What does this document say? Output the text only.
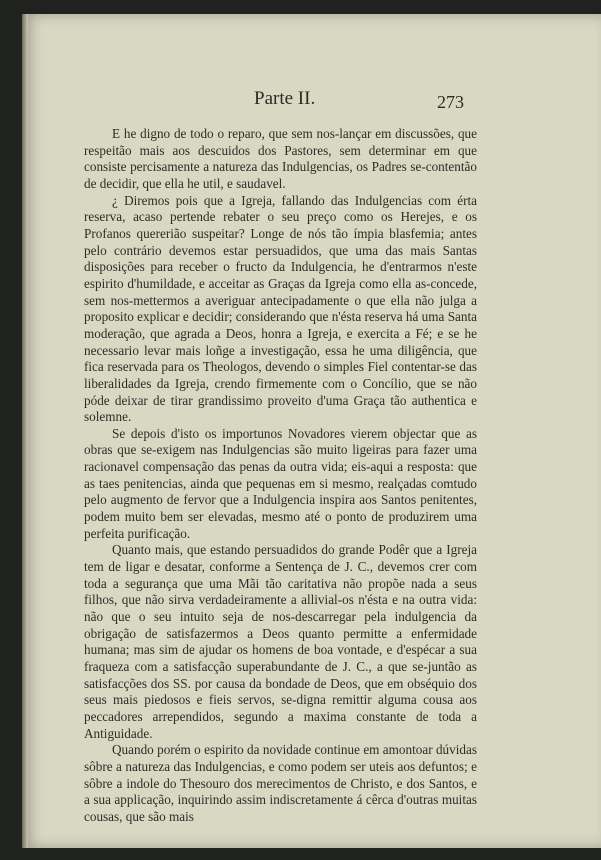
Parte II.	273

E he digno de todo o reparo, que sem nos-lançar em discussões, que respeitão mais aos descuidos dos Pastores, sem determinar em que consiste percisamente a natureza das Indulgencias, os Padres se-contentão de decidir, que ella he util, e saudavel.

¿ Diremos pois que a Igreja, fallando das Indulgencias com érta reserva, acaso pertende rebater o seu preço como os Herejes, e os Profanos quererião suspeitar? Longe de nós tão ímpia blasfemia; antes pelo contrário devemos estar persuadidos, que uma das mais Santas disposições para receber o fructo da Indulgencia, he d'entrarmos n'este espirito d'humildade, e acceitar as Graças da Igreja como ella as-concede, sem nos-mettermos a averiguar antecipadamente o que ella não julga a proposito explicar e decidir; considerando que n'ésta reserva há uma Santa moderação, que agrada a Deos, honra a Igreja, e exercita a Fé; e se he necessario levar mais loñge a investigação, essa he uma diligência, que fica reservada para os Theologos, devendo o simples Fiel contentar-se das liberalidades da Igreja, crendo firmemente com o Concílio, que se não póde deixar de tirar grandissimo proveito d'uma Graça tão authentica e solemne.

Se depois d'isto os importunos Novadores vierem objectar que as obras que se-exigem nas Indulgencias são muito ligeiras para fazer uma racionavel compensação das penas da outra vida; eis-aqui a resposta: que as taes penitencias, ainda que pequenas em si mesmo, realçadas comtudo pelo augmento de fervor que a Indulgencia inspira aos Santos penitentes, podem muito bem ser elevadas, mesmo até o ponto de produzirem uma perfeita purificação.

Quanto mais, que estando persuadidos do grande Podêr que a Igreja tem de ligar e desatar, conforme a Sentença de J. C., devemos crer com toda a segurança que uma Mãi tão caritativa não propõe nada a seus filhos, que não sirva verdadeiramente a allivial-os n'ésta e na outra vida: não que o seu intuito seja de nos-descarregar pela indulgencia da obrigação de satisfazermos a Deos quanto permitte a enfermidade humana; mas sim de ajudar os homens de boa vontade, e d'espécar a sua fraqueza com a satisfacção superabundante de J. C., a que se-juntão as satisfacções dos SS. por causa da bondade de Deos, que em obséquio dos seus mais piedosos e fieis servos, se-digna remittir alguma cousa aos peccadores arrependidos, segundo a maxima constante de toda a Antiguidade.

Quando porém o espirito da novidade continue em amontoar dúvidas sôbre a natureza das Indulgencias, e como podem ser uteis aos defuntos; e sôbre a indole do Thesouro dos merecimentos de Christo, e dos Santos, e a sua applicação, inquirindo assim indiscretamente á cêrca d'outras muitas cousas, que são mais
